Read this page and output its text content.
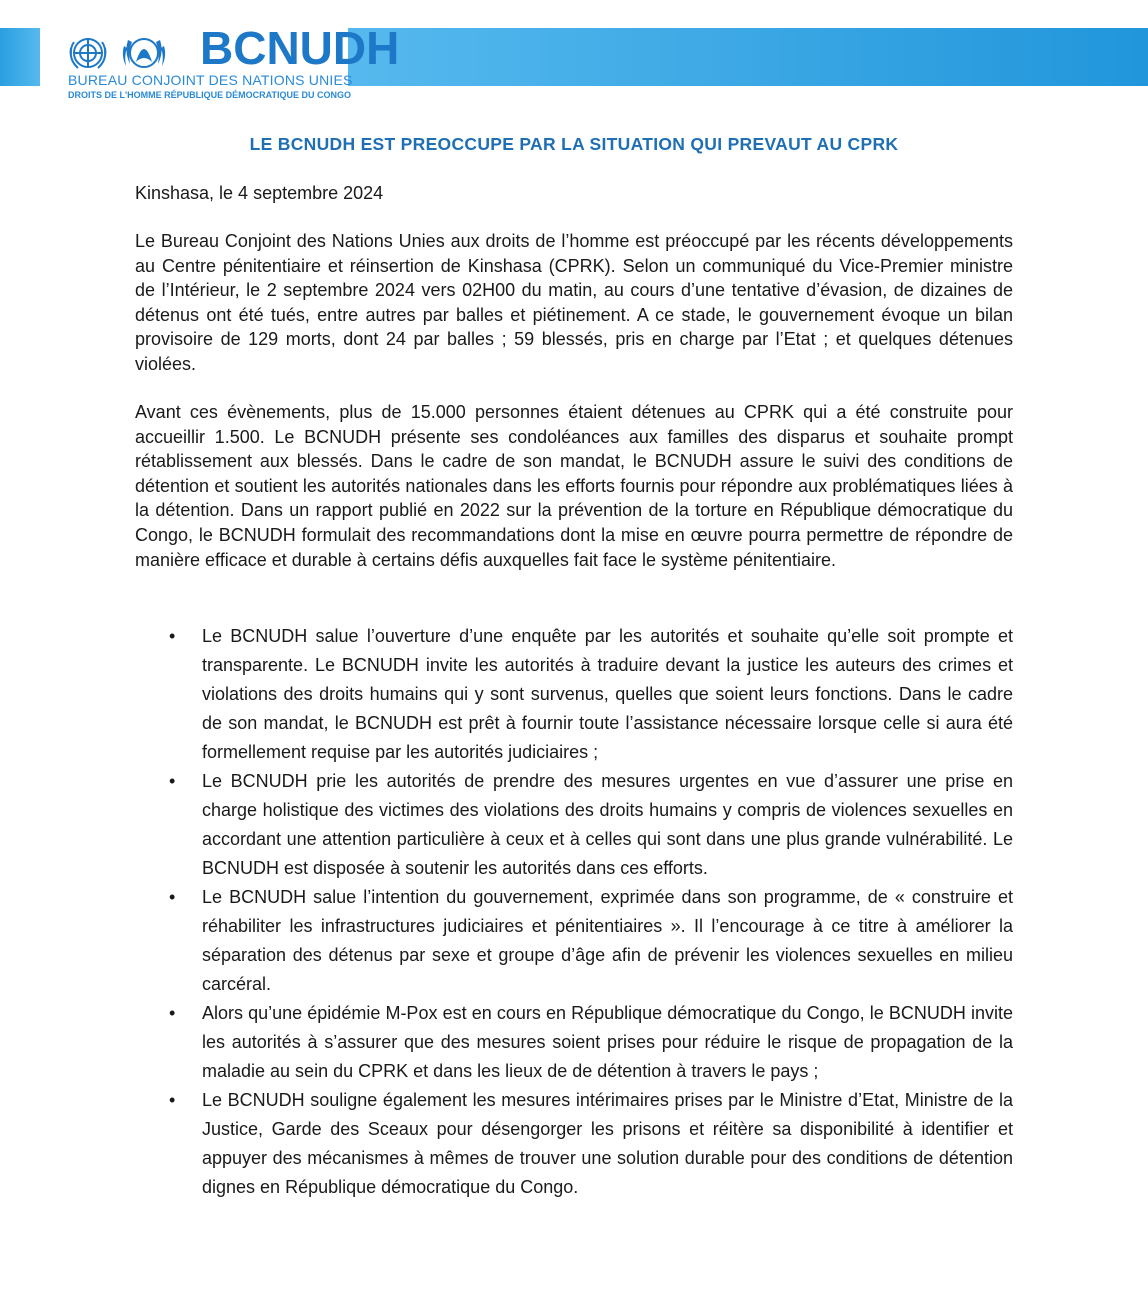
BCNUDH
BUREAU CONJOINT DES NATIONS UNIES
DROITS DE L'HOMME RÉPUBLIQUE DÉMOCRATIQUE DU CONGO
LE BCNUDH EST PREOCCUPE PAR LA SITUATION QUI PREVAUT AU CPRK
Kinshasa, le 4 septembre 2024

Le Bureau Conjoint des Nations Unies aux droits de l’homme est préoccupé par les récents développements au Centre pénitentiaire et réinsertion de Kinshasa (CPRK). Selon un communiqué du Vice-Premier ministre de l’Intérieur, le 2 septembre 2024 vers 02H00 du matin, au cours d’une tentative d’évasion, de dizaines de détenus ont été tués, entre autres par balles et piétinement. A ce stade, le gouvernement évoque un bilan provisoire de 129 morts, dont 24 par balles ; 59 blessés, pris en charge par l’Etat ; et quelques détenues violées.

Avant ces évènements, plus de 15.000 personnes étaient détenues au CPRK qui a été construite pour accueillir 1.500. Le BCNUDH présente ses condoléances aux familles des disparus et souhaite prompt rétablissement aux blessés. Dans le cadre de son mandat, le BCNUDH assure le suivi des conditions de détention et soutient les autorités nationales dans les efforts fournis pour répondre aux problématiques liées à la détention. Dans un rapport publié en 2022 sur la prévention de la torture en République démocratique du Congo, le BCNUDH formulait des recommandations dont la mise en œuvre pourra permettre de répondre de manière efficace et durable à certains défis auxquelles fait face le système pénitentiaire.

• Le BCNUDH salue l’ouverture d’une enquête par les autorités et souhaite qu’elle soit prompte et transparente. Le BCNUDH invite les autorités à traduire devant la justice les auteurs des crimes et violations des droits humains qui y sont survenus, quelles que soient leurs fonctions. Dans le cadre de son mandat, le BCNUDH est prêt à fournir toute l’assistance nécessaire lorsque celle si aura été formellement requise par les autorités judiciaires ;
• Le BCNUDH prie les autorités de prendre des mesures urgentes en vue d’assurer une prise en charge holistique des victimes des violations des droits humains y compris de violences sexuelles en accordant une attention particulière à ceux et à celles qui sont dans une plus grande vulnérabilité. Le BCNUDH est disposée à soutenir les autorités dans ces efforts.
• Le BCNUDH salue l’intention du gouvernement, exprimée dans son programme, de « construire et réhabiliter les infrastructures judiciaires et pénitentiaires ». Il l’encourage à ce titre à améliorer la séparation des détenus par sexe et groupe d’âge afin de prévenir les violences sexuelles en milieu carcéral.
• Alors qu’une épidémie M-Pox est en cours en République démocratique du Congo, le BCNUDH invite les autorités à s’assurer que des mesures soient prises pour réduire le risque de propagation de la maladie au sein du CPRK et dans les lieux de de détention à travers le pays ;
• Le BCNUDH souligne également les mesures intérimaires prises par le Ministre d’Etat, Ministre de la Justice, Garde des Sceaux pour désengorger les prisons et réitère sa disponibilité à identifier et appuyer des mécanismes à mêmes de trouver une solution durable pour des conditions de détention dignes en République démocratique du Congo.
